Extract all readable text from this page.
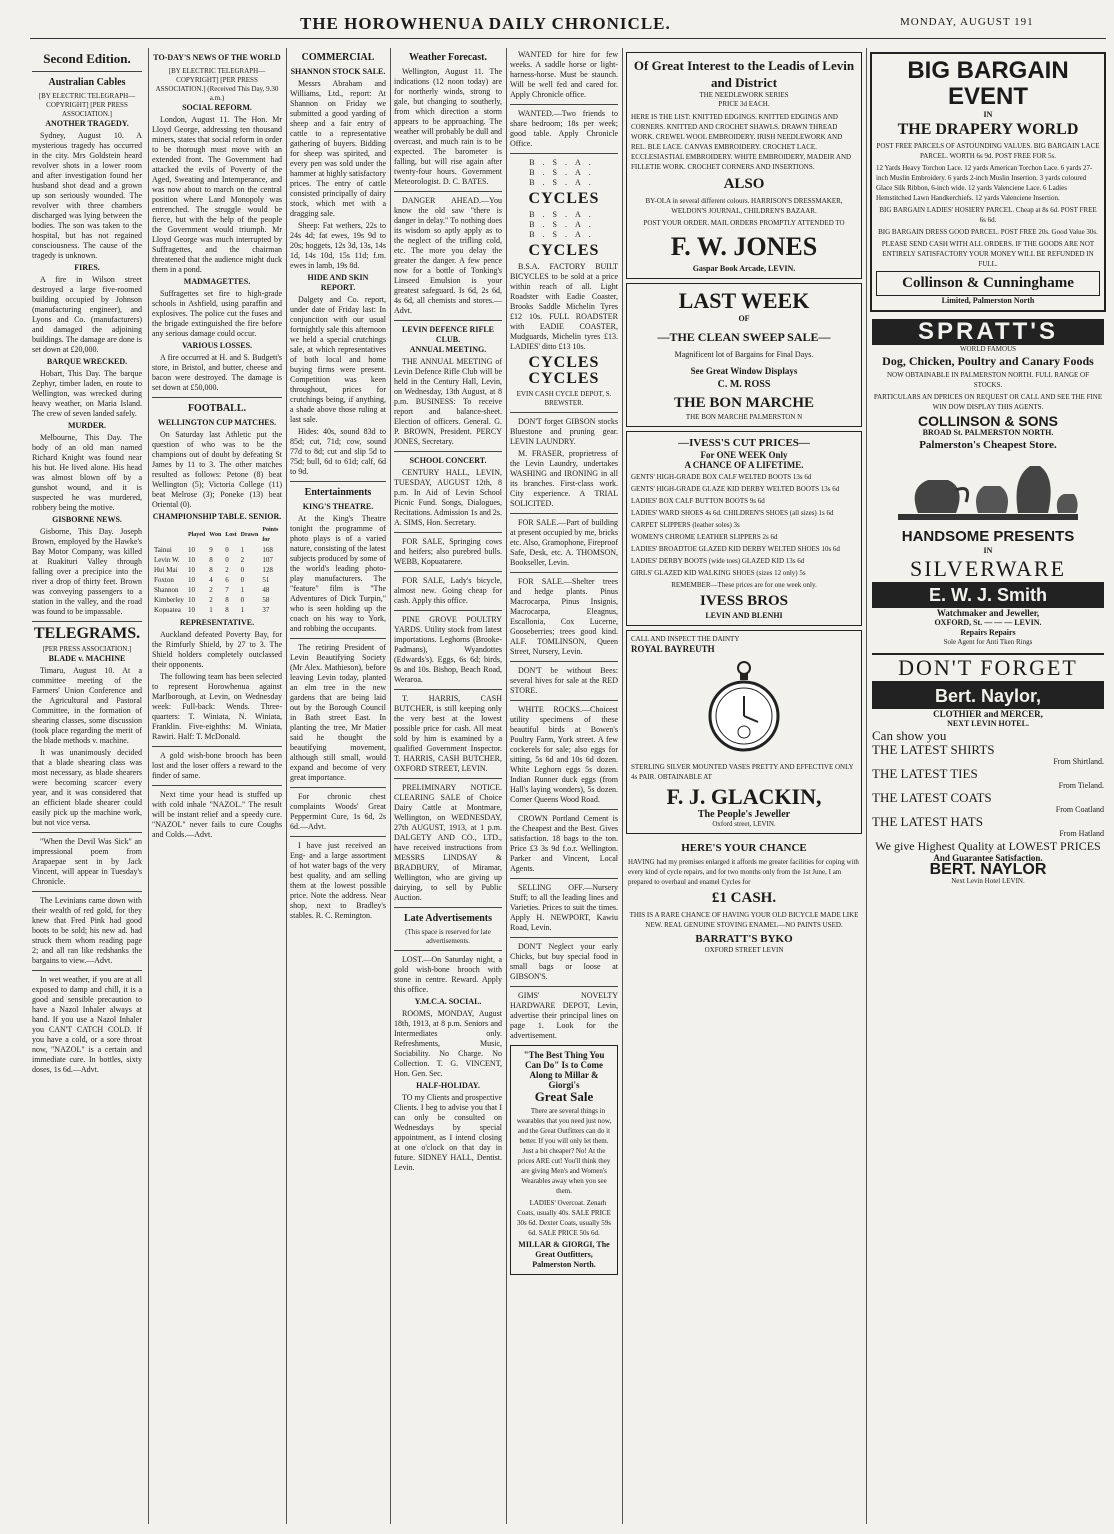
THE HOROWHENUA DAILY CHRONICLE.	MONDAY, AUGUST 191
Second Edition.
Australian Cables
[BY ELECTRIC TELEGRAPH—COPYRIGHT] [PER PRESS ASSOCIATION.]
ANOTHER TRAGEDY.

Sydney, August 10. A mysterious tragedy has occurred in the city. Mrs Goldstein heard revolver shots in a lower room and after investigation found her husband shot dead and a grown up son seriously wounded. The revolver with three chambers discharged was lying between the bodies. The son was taken to the hospital, but has not regained consciousness. The cause of the tragedy is unknown.

FIRES.

A fire in Wilson street destroyed a large five-roomed building occupied by Johnson (manufacturing engineer), and Lyons and Co. (manufacturers) and damaged the adjoining buildings. The damage are done is set down at £20,000.

BARQUE WRECKED.

Hobart, This Day. The barque Zephyr, timber laden, en route to Wellington, was wrecked during heavy weather, on Maria Island. The crew of seven landed safely.

MURDER.

Melbourne, This Day. The body of an old man named Richard Knight was found near his hut. He lived alone. His head was almost blown off by a gunshot wound, and it is suspected he was murdered, robbery being the motive.

GISBORNE NEWS.

Gisborne, This Day. Joseph Brown, employed by the Hawke's Bay Motor Company, was killed at Ruakituri Valley through falling over a precipice into the river a drop of thirty feet. Brown was conveying passengers to a station in the valley, and the road was found to be impassable.

TELEGRAMS.
[PER PRESS ASSOCIATION.]
BLADE v. MACHINE

Timaru, August 10. At a committee meeting of the Farmers' Union Conference and the Agricultural and Pastoral Committee, in the formation of shearing classes, some discussion (took place regarding the merit of the blade methods v. machine.

It was unanimously decided that a blade shearing class was most necessary, as blade shearers were becoming scarcer every year, and it was considered that an efficient blade shearer could easily pick up the machine work, but not vice versa.

"When the Devil Was Sick" an impressional poem from Arapaepae sent in by Jack Vincent, will appear in Tuesday's Chronicle.

The Levinians came down with their wealth of red gold, for they knew that Fred Pink had good boots to be sold; his new ad. had struck them whom reading page 2; and all ran like redshanks the bargains to view.—Advt.

In wet weather, if you are at all exposed to damp and chill, it is a good and sensible precaution to have a Nazol Inhaler always at hand. If you use a Nazol Inhaler you CAN'T CATCH COLD. If you have a cold, or a sore throat now, "NAZOL" is a certain and immediate cure. In bottles, sixty doses, 1s 6d.—Advt.

TO-DAY'S NEWS OF THE WORLD
[BY ELECTRIC TELEGRAPH—COPYRIGHT] [PER PRESS ASSOCIATION.] (Received This Day, 9.30 a.m.)
SOCIAL REFORM.

London, August 11. The Hon. Mr Lloyd George, addressing ten thousand miners, states that social reform in order to be thorough must move with an extended front. The Government had attacked the evils of Poverty of the Aged, Sweating and Intemperance, and was now about to march on the central position where Land Monopoly was entrenched. The struggle would be fierce, but with the help of the people the Government would triumph. Mr Lloyd George was much interrupted by Suffragettes, and the chairman threatened that the audience might duck them in a pond.

MADMAGETTES.

Suffragettes set fire to high-grade schools in Ashfield, using paraffin and explosives. The police cut the fuses and the brigade extinguished the fire before any serious damage could occur.

VARIOUS LOSSES.

A fire occurred at H. and S. Budgett's store, in Bristol, and butter, cheese and bacon were destroyed. The damage is set down at £50,000.

FOOTBALL.
WELLINGTON CUP MATCHES.

On Saturday last Athletic put the question of who was to be the champions out of doubt by defeating St James by 11 to 3. The other matches resulted as follows: Petone (8) beat Wellington (5); Victoria College (11) beat Melrose (3); Poneke (13) beat Oriental (0).

CHAMPIONSHIP TABLE. SENIOR.
	Played	Won	Lost	Drawn	Points for		
Tainui	10	9	0	1	168		
Levin W.	10	8	0	2	107		
Hui Mai	10	8	2	0	128		
Foxton	10	4	6	0	51		
Shannon	10	2	7	1	48		
Kimberley	10	2	8	0	58		
Kopuatea	10	1	8	1	37		
REPRESENTATIVE.

Auckland defeated Poverty Bay, for the Rimfurly Shield, by 27 to 3. The Shield holders completely outclassed their opponents.

The following team has been selected to represent Horowhenua against Marlborough, at Levin, on Wednesday week: Full-back: Wends. Three-quarters: T. Winiata, N. Winiata, Franklin. Five-eighths: M. Winiata, Rawiri. Half: T. McDonald.

A gold wish-bone brooch has been lost and the loser offers a reward to the finder of same.

Next time your head is stuffed up with cold inhale "NAZOL." The result will be instant relief and a speedy cure. "NAZOL" never fails to cure Coughs and Colds.—Advt.

COMMERCIAL
SHANNON STOCK SALE.

Messrs Abraham and Williams, Ltd., report: At Shannon on Friday we submitted a good yarding of sheep and a fair entry of cattle to a representative gathering of buyers. Bidding for sheep was spirited, and every pen was sold under the hammer at highly satisfactory prices. The entry of cattle consisted principally of dairy stock, which met with a dragging sale.

Sheep: Fat wethers, 22s to 24s 4d; fat ewes, 19s 9d to 20s; hoggets, 12s 3d, 13s, 14s 1d, 14s 10d, 15s 11d; f.m. ewes in lamb, 19s 8d.

HIDE AND SKIN REPORT.

Dalgety and Co. report, under date of Friday last: In conjunction with our usual fortnightly sale this afternoon we held a special crutchings sale, at which representatives of both local and home buying firms were present. Competition was keen throughout, prices for crutchings being, if anything, a shade above those ruling at last sale.

Hides: 40s, sound 83d to 85d; cut, 71d; cow, sound 77d to 8d; cut and slip 5d to 75d; bull, 6d to 61d; calf, 6d to 9d.

Entertainments
KING'S THEATRE.

At the King's Theatre tonight the programme of photo plays is of a varied nature, consisting of the latest subjects produced by some of the world's leading photo-play manufacturers. The "feature" film is "The Adventures of Dick Turpin," who is seen holding up the coach on his way to York, and robbing the occupants.

The retiring President of Levin Beautifying Society (Mr Alex. Mathieson), before leaving Levin today, planted an elm tree in the new gardens that are being laid out by the Borough Council in Bath street East. In planting the tree, Mr Matier said he thought the beautifying movement, although still small, would expand and become of very great importance.

For chronic chest complaints Woods' Great Peppermint Cure, 1s 6d, 2s 6d.—Advt.

I have just received an Eng- and a large assortment of hot water bags of the very best quality, and am selling them at the lowest possible price. Note the address. Near shop, next to Bradley's stables. R. C. Remington.

Weather Forecast.

Wellington, August 11. The indications (12 noon today) are for northerly winds, strong to gale, but changing to southerly, from which direction a storm appears to be approaching. The weather will probably be dull and overcast, and much rain is to be expected. The barometer is falling, but will rise again after twenty-four hours. Government Meteorologist. D. C. BATES.

DANGER AHEAD.—You know the old saw "there is danger in delay." To nothing does its wisdom so aptly apply as to the neglect of the trifling cold, etc. The more you delay the greater the danger. A few pence now for a bottle of Tonking's Linseed Emulsion is your greatest safeguard. Is 6d, 2s 6d, 4s 6d, all chemists and stores.—Advt.

LEVIN DEFENCE RIFLE CLUB.
ANNUAL MEETING.

THE ANNUAL MEETING of Levin Defence Rifle Club will be held in the Century Hall, Levin, on Wednesday, 13th August, at 8 p.m. BUSINESS: To receive report and balance-sheet. Election of officers. General. G. P. BROWN, President. PERCY JONES, Secretary.

SCHOOL CONCERT.

CENTURY HALL, LEVIN, TUESDAY, AUGUST 12th, 8 p.m. In Aid of Levin School Picnic Fund. Songs, Dialogues, Recitations. Admission 1s and 2s. A. SIMS, Hon. Secretary.

FOR SALE, Springing cows and heifers; also purebred bulls. WEBB, Kopuatarere.

FOR SALE, Lady's bicycle, almost new. Going cheap for cash. Apply this office.

PINE GROVE POULTRY YARDS. Utility stock from latest importations. Leghorns (Brooke-Padmans), Wyandottes (Edwards's). Eggs, 6s 6d; birds, 9s and 10s. Bishop, Beach Road, Weraroa.

T. HARRIS, CASH BUTCHER, is still keeping only the very best at the lowest possible price for cash. All meat sold by him is examined by a qualified Government Inspector. T. HARRIS, CASH BUTCHER, OXFORD STREET, LEVIN.

PRELIMINARY NOTICE. CLEARING SALE of Choice Dairy Cattle at Montmare, Wellington, on WEDNESDAY, 27th AUGUST, 1913, at 1 p.m. DALGETY AND CO., LTD., have received instructions from MESSRS LINDSAY & BRADBURY, of Miramar, Wellington, who are giving up dairying, to sell by Public Auction.

Late Advertisements
(This space is reserved for late advertisements.

LOST.—On Saturday night, a gold wish-bone brooch with stone in centre. Reward. Apply this office.

Y.M.C.A. SOCIAL.

ROOMS, MONDAY, August 18th, 1913, at 8 p.m. Seniors and Intermediates only. Refreshments, Music, Sociability. No Charge. No Collection. T. G. VINCENT, Hon. Gen. Sec.

HALF-HOLIDAY.

TO my Clients and prospective Clients. I beg to advise you that I can only be consulted on Wednesdays by special appointment, as I intend closing at one o'clock on that day in future. SIDNEY HALL, Dentist. Levin.

WANTED for hire for few weeks. A saddle horse or light-harness-horse. Must be staunch. Will be well fed and cared for. Apply Chronicle office.

WANTED.—Two friends to share bedroom; 18s per week; good table. Apply Chronicle Office.

B.S.A. B.S.A. B.S.A.
CYCLES
B.S.A. B.S.A. B.S.A.
CYCLES

B.S.A. FACTORY BUILT BICYCLES to be sold at a price within reach of all. Light Roadster with Eadie Coaster, Brooks Saddle Michelin Tyres £12 10s. FULL ROADSTER with EADIE COASTER, Mudguards, Michelin tyres £13. LADIES' ditto £13 10s.

CYCLES
CYCLES
EVIN CASH CYCLE DEPOT, S. BREWSTER.

DON'T forget GIBSON stocks Bluestone and pruning gear. LEVIN LAUNDRY.

M. FRASER, proprietress of the Levin Laundry, undertakes WASHING and IRONING in all its branches. First-class work. City experience. A TRIAL SOLICITED.

FOR SALE.—Part of building at present occupied by me, bricks etc. Also, Gramophone, Fireproof Safe, Desk, etc. A. THOMSON, Bookseller, Levin.

FOR SALE.—Shelter trees and hedge plants. Pinus Macrocarpa, Pinus Insignis, Macrocarpa, Eleagnus, Escallonia, Cox Lucerne, Gooseberries; trees good kind. ALF. TOMLINSON, Queen Street, Nursery, Levin.

DON'T be without Bees: several hives for sale at the RED STORE.

WHITE ROCKS.—Choicest utility specimens of these beautiful birds at Bowen's Poultry Farm, York street. A few cockerels for sale; also eggs for sitting, 5s 6d and 10s 6d dozen. White Leghorn eggs 5s dozen. Indian Runner duck eggs (from Hall's laying wonders), 5s dozen. Corner Queens Wood Road.

CROWN Portland Cement is the Cheapest and the Best. Gives satisfaction. 18 bags to the ton. Price £3 3s 9d f.o.r. Wellington. Parker and Vincent, Local Agents.

SELLING OFF.—Nursery Stuff; to all the leading lines and Varieties. Prices to suit the times. Apply H. NEWPORT, Kawiu Road, Levin.

DON'T Neglect your early Chicks, but buy special food in small bags or loose at GIBSON'S.

GIMS' NOVELTY HARDWARE DEPOT, Levin, advertise their principal lines on page 1. Look for the advertisement.

"The Best Thing You Can Do" Is to Come Along to Millar & Giorgi's
Great Sale

There are several things in wearables that you need just now, and the Great Outfitters can do it better. If you will only let them. Just a bit cheaper? No! At the prices ARE cut! You'll think they are giving Men's and Women's Wearables away when you see them.

LADIES' Overcoat. Zenarh Coats, usually 40s. SALE PRICE 30s 6d. Dexter Coats, usually 59s 6d. SALE PRICE 50s 6d.

MILLAR & GIORGI, The Great Outfitters, Palmerston North.
Of Great Interest to the Leadis of Levin and District
THE NEEDLEWORK SERIES
PRICE 3d EACH.

HERE IS THE LIST: KNITTED EDGINGS. KNITTED EDGINGS AND CORNERS. KNITTED AND CROCHET SHAWLS. DRAWN THREAD WORK. CREWEL WOOL EMBROIDERY. IRISH NEEDLEWORK AND REL. BLE LACE. CANVAS EMBROIDERY. CROCHET LACE. ECCLESIASTIAL EMBROIDERY. WHITE EMBROIDERY, MADEIR AND FILLETIE WORK. CROCHET CORNERS AND INSERTIONS.

ALSO

BY-OLA in several different colours. HARRISON'S DRESSMAKER, WELDON'S JOURNAL, CHILDREN'S BAZAAR.

POST YOUR ORDER. MAIL ORDERS PROMPTLY ATTENDED TO

F. W. JONES
Gaspar Book Arcade, LEVIN.
LAST WEEK
OF
—THE CLEAN SWEEP SALE—

Magnificent lot of Bargains for Final Days.

See Great Window Displays
C. M. ROSS
THE BON MARCHE
THE BON MARCHE PALMERSTON N
—IVESS'S CUT PRICES—
For ONE WEEK Only
A CHANCE OF A LIFETIME.
GENTS' HIGH-GRADE BOX CALF WELTED BOOTS 13s 6d
GENTS' HIGH-GRADE GLAZE KID DERBY WELTED BOOTS 13s 6d
LADIES' BOX CALF BUTTON BOOTS 9s 6d
LADIES' WARD SHOES 4s 6d. CHILDREN'S SHOES (all sizes) 1s 6d
CARPET SLIPPERS (leather soles) 3s
WOMEN'S CHROME LEATHER SLIPPERS 2s 6d
LADIES' BROADTOE GLAZED KID DERBY WELTED SHOES 10s 6d
LADIES' DERBY BOOTS (wide toes) GLAZED KID 13s 6d
GIRLS' GLAZED KID WALKING SHOES (sizes 12 only) 5s

REMEMBER—These prices are for one week only.

IVESS BROS
LEVIN AND BLENHI
CALL AND INSPECT THE DAINTY
ROYAL BAYREUTH

STERLING SILVER MOUNTED VASES PRETTY AND EFFECTIVE ONLY 4s PAIR. OBTAINABLE AT

F. J. GLACKIN,
The People's Jeweller
Oxford street, LEVIN.
HERE'S YOUR CHANCE

HAVING had my premises enlarged it affords me greater facilities for coping with every kind of cycle repairs, and for two months only from the 1st June, I am prepared to overhaul and enamel Cycles for

£1 CASH.

THIS IS A RARE CHANCE OF HAVING YOUR OLD BICYCLE MADE LIKE NEW. REAL GENUINE STOVING ENAMEL—NO PAINTS USED.

BARRATT'S BYKO
OXFORD STREET LEVIN
BIG BARGAIN EVENT
IN
THE DRAPERY WORLD

POST FREE PARCELS OF ASTOUNDING VALUES. BIG BARGAIN LACE PARCEL. WORTH 6s 9d. POST FREE FOR 5s.

12 Yards Heavy Torchon Lace. 12 yards American Torchon Lace. 6 yards 27-inch Muslin Embroidery. 6 yards 2-inch Muslin Insertion. 3 yards coloured Glace Silk Ribbon, 6-inch wide. 12 yards Valenciene Lace. 6 Ladies Hemstitched Lawn Handkerchiefs. 12 yards Valenciene Insertion.

BIG BARGAIN LADIES' HOSIERY PARCEL. Cheap at 8s 6d. POST FREE 6s 6d.

BIG BARGAIN DRESS GOOD PARCEL. POST FREE 20s. Good Value 30s.

PLEASE SEND CASH WITH ALL ORDERS. IF THE GOODS ARE NOT ENTIRELY SATISFACTORY YOUR MONEY WILL BE REFUNDED IN FULL.

Collinson & Cunninghame
Limited, Palmerston North
SPRATT'S
WORLD FAMOUS
Dog, Chicken, Poultry and Canary Foods

NOW OBTAINABLE IN PALMERSTON NORTH. FULL RANGE OF STOCKS.

PARTICULARS AN DPRICES ON REQUEST OR CALL AND SEE THE FINE WIN DOW DISPLAY THIS AGENTS.

COLLINSON & SONS
BROAD St. PALMERSTON NORTH.
Palmerston's Cheapest Store.
HANDSOME PRESENTS
IN
SILVERWARE
E. W. J. Smith
Watchmaker and Jeweller,
OXFORD, St. — — — LEVIN.
Repairs Repairs
Sole Agent for Anti Tken Rings
DON'T FORGET
Bert. Naylor,
CLOTHIER and MERCER,
NEXT LEVIN HOTEL.
Can show you
THE LATEST SHIRTS
From Shirtland.
THE LATEST TIES
From Tieland.
THE LATEST COATS
From Coatland
THE LATEST HATS
From Hatland
We give Highest Quality at LOWEST PRICES
And Guarantee Satisfaction.
BERT. NAYLOR
Next Levin Hotel LEVIN.
